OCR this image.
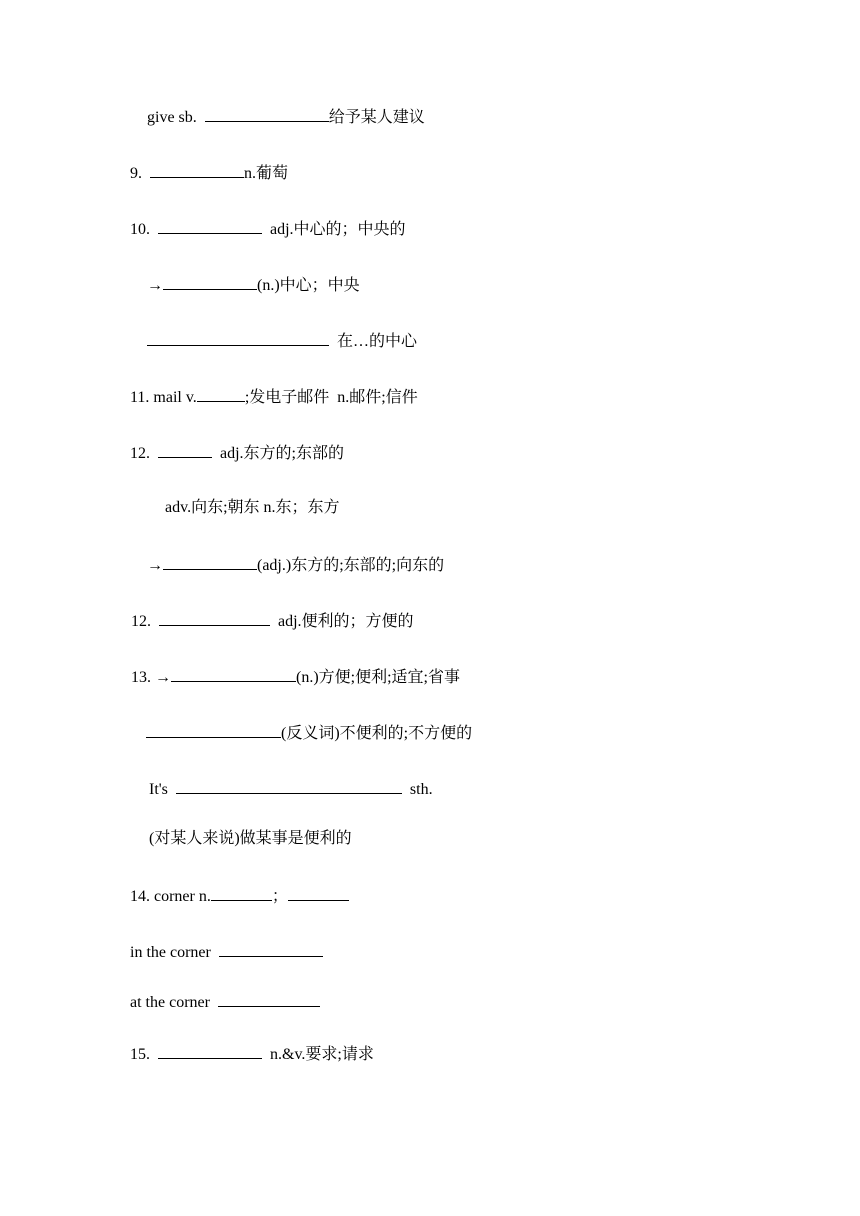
give sb.	给予某人建议
9.	n.葡萄
10.	adj.中心的；中央的
→	(n.)中心；中央
在…的中心
11. mail v.	;发电子邮件  n.邮件;信件
12.	adj.东方的;东部的
adv.向东;朝东 n.东；东方
→	(adj.)东方的;东部的;向东的
12.	adj.便利的；方便的
13. →	(n.)方便;便利;适宜;省事
(反义词)不便利的;不方便的
It's	sth.
(对某人来说)做某事是便利的
14. corner n.	；
in the corner
at the corner
15.	n.&v.要求;请求
